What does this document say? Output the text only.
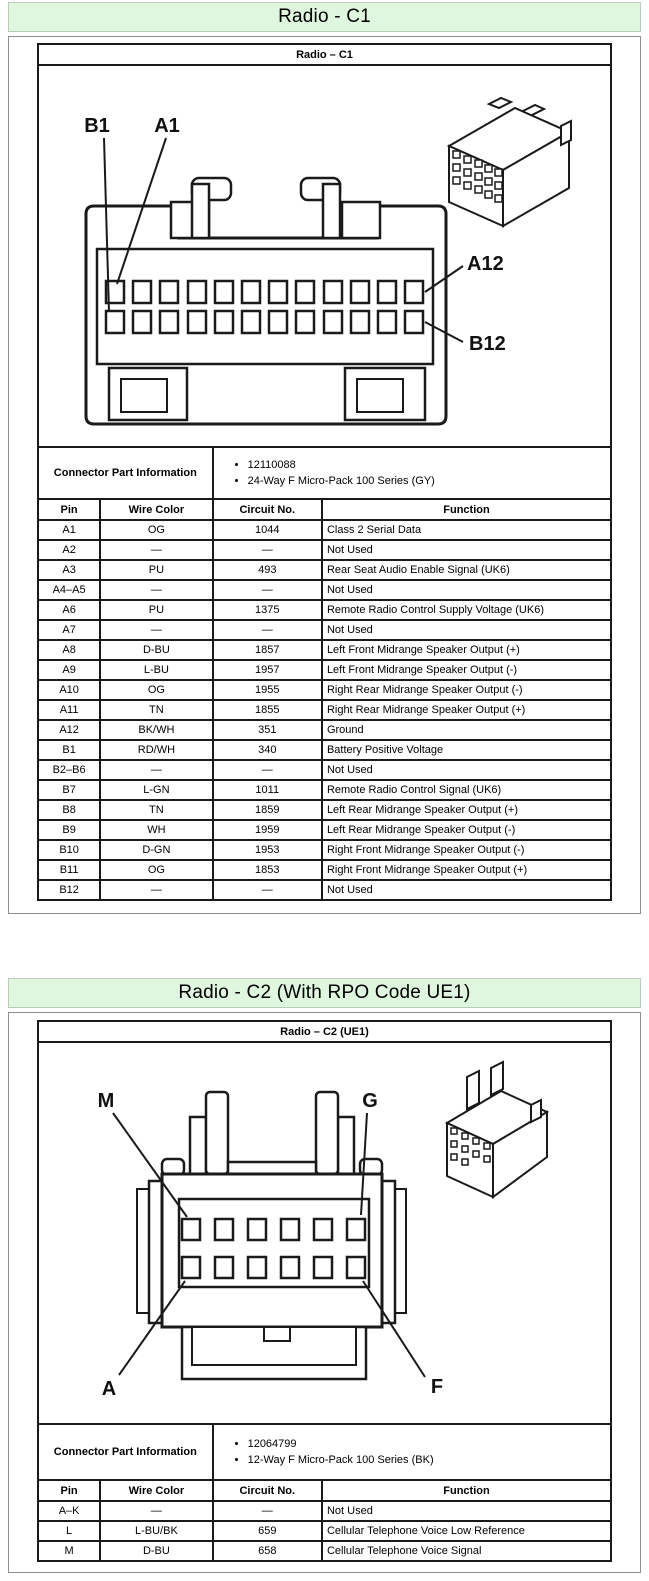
Radio - C1
Radio – C1			

B1 A1
A12
B12			

Connector Part Information	
• 12110088
• 24-Way F Micro-Pack 100 Series (GY)

Pin	Wire Color	Circuit No.	Function
A1	OG	1044	Class 2 Serial Data
A2	—	—	Not Used
A3	PU	493	Rear Seat Audio Enable Signal (UK6)
A4–A5	—	—	Not Used
A6	PU	1375	Remote Radio Control Supply Voltage (UK6)
A7	—	—	Not Used
A8	D-BU	1857	Left Front Midrange Speaker Output (+)
A9	L-BU	1957	Left Front Midrange Speaker Output (-)
A10	OG	1955	Right Rear Midrange Speaker Output (-)
A11	TN	1855	Right Rear Midrange Speaker Output (+)
A12	BK/WH	351	Ground
B1	RD/WH	340	Battery Positive Voltage
B2–B6	—	—	Not Used
B7	L-GN	1011	Remote Radio Control Signal (UK6)
B8	TN	1859	Left Rear Midrange Speaker Output (+)
B9	WH	1959	Left Rear Midrange Speaker Output (-)
B10	D-GN	1953	Right Front Midrange Speaker Output (-)
B11	OG	1853	Right Front Midrange Speaker Output (+)
B12	—	—	Not Used
Radio - C2 (With RPO Code UE1)
Radio – C2 (UE1)			

M G
A F			

Connector Part Information	
• 12064799
• 12-Way F Micro-Pack 100 Series (BK)

Pin	Wire Color	Circuit No.	Function
A–K	—	—	Not Used
L	L-BU/BK	659	Cellular Telephone Voice Low Reference
M	D-BU	658	Cellular Telephone Voice Signal
